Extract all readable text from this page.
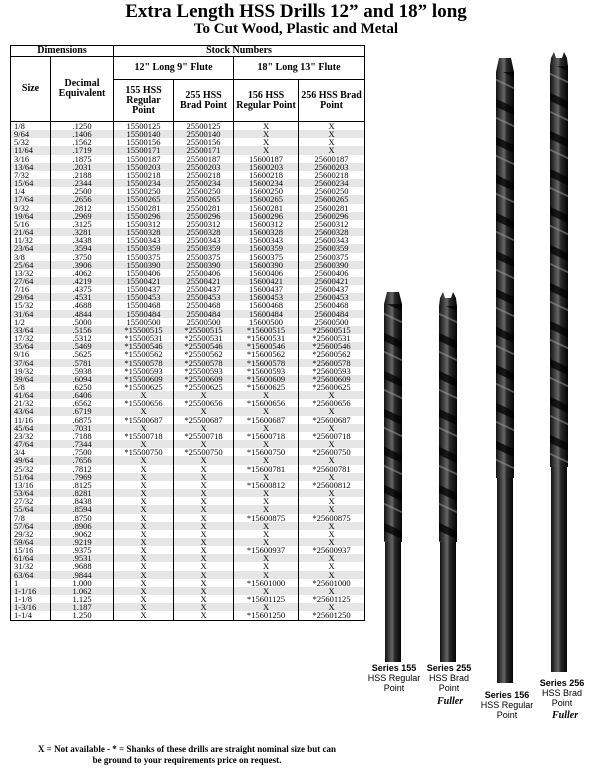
Extra Length HSS Drills 12” and 18” long
To Cut Wood, Plastic and Metal
Dimensions		Stock Numbers			
Size	Decimal Equivalent	12" Long 9" Flute		18" Long 13" Flute	
		155 HSS Regular Point	255 HSS Brad Point	156 HSS Regular Point	256 HSS Brad Point
1/8	.1250	15500125	25500125	X	X
9/64	.1406	15500140	25500140	X	X
5/32	.1562	15500156	25500156	X	X
11/64	.1719	15500171	25500171	X	X
3/16	.1875	15500187	25500187	15600187	25600187
13/64	.2031	15500203	25500203	15600203	25600203
7/32	.2188	15500218	25500218	15600218	25600218
15/64	.2344	15500234	25500234	15600234	25600234
1/4	.2500	15500250	25500250	15600250	25600250
17/64	.2656	15500265	25500265	15600265	25600265
9/32	.2812	15500281	25500281	15600281	25600281
19/64	.2969	15500296	25500296	15600296	25600296
5/16	.3125	15500312	25500312	15600312	25600312
21/64	.3281	15500328	25500328	15600328	25600328
11/32	.3438	15500343	25500343	15600343	25600343
23/64	.3594	15500359	25500359	15600359	25600359
3/8	.3750	15500375	25500375	15600375	25600375
25/64	.3906	15500390	25500390	15600390	25600390
13/32	.4062	15500406	25500406	15600406	25600406
27/64	.4219	15500421	25500421	15600421	25600421
7/16	.4375	15500437	25500437	15600437	25600437
29/64	.4531	15500453	25500453	15600453	25600453
15/32	.4688	15500468	25500468	15600468	25600468
31/64	.4844	15500484	25500484	15600484	25600484
1/2	.5000	15500500	25500500	15600500	25600500
33/64	.5156	*15500515	*25500515	*15600515	*25600515
17/32	.5312	*15500531	*25500531	*15600531	*25600531
35/64	.5469	*15500546	*25500546	*15600546	*25600546
9/16	.5625	*15500562	*25500562	*15600562	*25600562
37/64	.5781	*15500578	*25500578	*15600578	*25600578
19/32	.5938	*15500593	*25500593	*15600593	*25600593
39/64	.6094	*15500609	*25500609	*15600609	*25600609
5/8	.6250	*15500625	*25500625	*15600625	*25600625
41/64	.6406	X	X	X	X
21/32	.6562	*15500656	*25500656	*15600656	*25600656
43/64	.6719	X	X	X	X
11/16	.6875	*15500687	*25500687	*15600687	*25600687
45/64	.7031	X	X	X	X
23/32	.7188	*15500718	*25500718	*15600718	*25600718
47/64	.7344	X	X	X	X
3/4	.7500	*15500750	*25500750	*15600750	*25600750
49/64	.7656	X	X	X	X
25/32	.7812	X	X	*15600781	*25600781
51/64	.7969	X	X	X	X
13/16	.8125	X	X	*15600812	*25600812
53/64	.8281	X	X	X	X
27/32	.8438	X	X	X	X
55/64	.8594	X	X	X	X
7/8	.8750	X	X	*15600875	*25600875
57/64	.8906	X	X	X	X
29/32	.9062	X	X	X	X
59/64	.9219	X	X	X	X
15/16	.9375	X	X	*15600937	*25600937
61/64	.9531	X	X	X	X
31/32	.9688	X	X	X	X
63/64	.9844	X	X	X	X
1	1.000	X	X	*15601000	*25601000
1-1/16	1.062	X	X	X	X
1-1/8	1.125	X	X	*15601125	*25601125
1-3/16	1.187	X	X	X	X
1-1/4	1.250	X	X	*15601250	*25601250
X = Not available - * = Shanks of these drills are straight nominal size but can
be ground to your requirements price on request.
Series 155
HSS Regular
Point
Series 255
HSS Brad
Point
Fuller
Series 156
HSS Regular
Point
Series 256
HSS Brad
Point
Fuller
